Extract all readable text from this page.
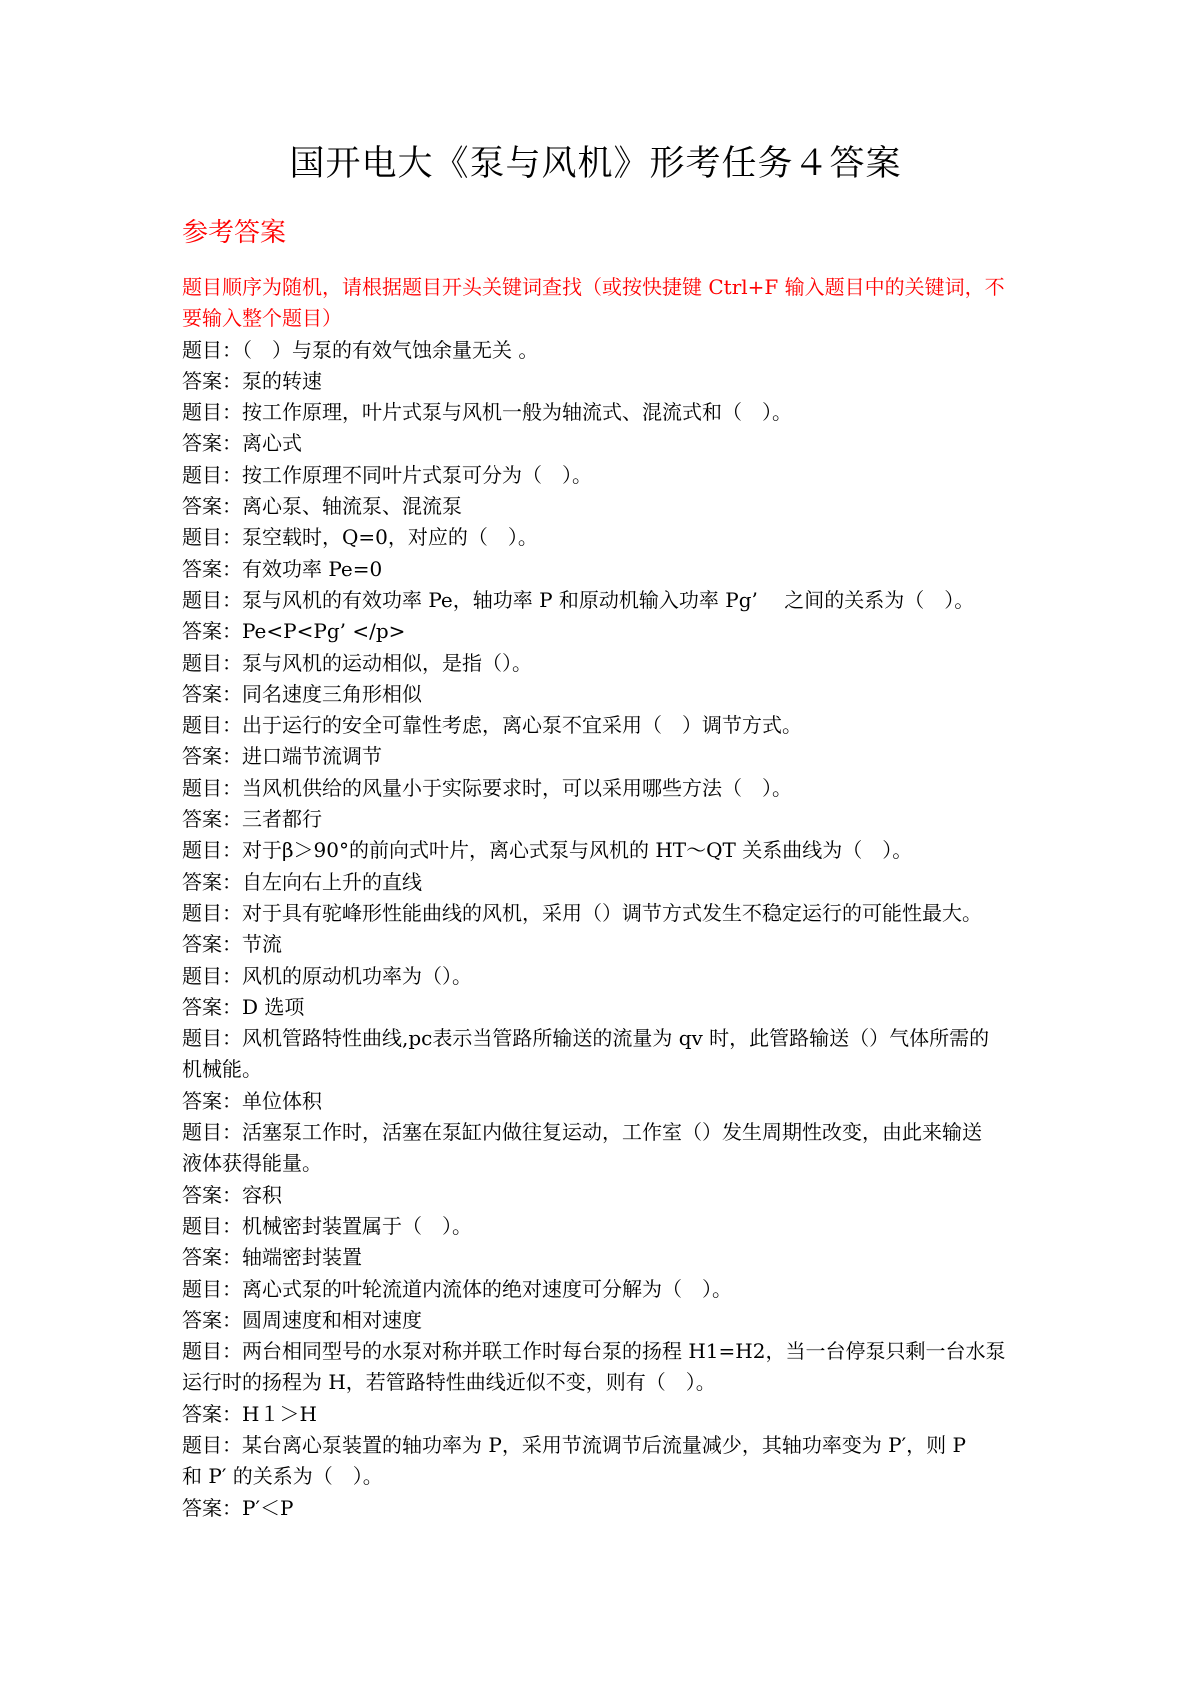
国开电大《泵与风机》形考任务４答案
参考答案
题目顺序为随机，请根据题目开头关键词查找（或按快捷键 Ctrl+F 输入题目中的关键词，不
要输入整个题目）
题目：（　）与泵的有效气蚀余量无关 。
答案：泵的转速
题目：按工作原理，叶片式泵与风机一般为轴流式、混流式和（　）。
答案：离心式
题目：按工作原理不同叶片式泵可分为（　）。
答案：离心泵、轴流泵、混流泵
题目：泵空载时，Q=0，对应的（　）。
答案：有效功率 Pe=0
题目：泵与风机的有效功率 Pe，轴功率 P 和原动机输入功率 Pg’　 之间的关系为（　）。
答案：Pe<P<Pg’ </p>
题目：泵与风机的运动相似，是指（）。
答案：同名速度三角形相似
题目：出于运行的安全可靠性考虑，离心泵不宜采用（　）调节方式。
答案：进口端节流调节
题目：当风机供给的风量小于实际要求时，可以采用哪些方法（　）。
答案：三者都行
题目：对于β＞90°的前向式叶片，离心式泵与风机的 HT～QT 关系曲线为（　）。
答案：自左向右上升的直线
题目：对于具有驼峰形性能曲线的风机，采用（）调节方式发生不稳定运行的可能性最大。
答案：节流
题目：风机的原动机功率为（）。
答案：D 选项
题目：风机管路特性曲线,pc表示当管路所输送的流量为 qv 时，此管路输送（）气体所需的
机械能。
答案：单位体积
题目：活塞泵工作时，活塞在泵缸内做往复运动，工作室（）发生周期性改变，由此来输送
液体获得能量。
答案：容积
题目：机械密封装置属于（　）。
答案：轴端密封装置
题目：离心式泵的叶轮流道内流体的绝对速度可分解为（　）。
答案：圆周速度和相对速度
题目：两台相同型号的水泵对称并联工作时每台泵的扬程 H1=H2，当一台停泵只剩一台水泵
运行时的扬程为 H，若管路特性曲线近似不变，则有（　）。
答案：H１＞H
题目：某台离心泵装置的轴功率为 P，采用节流调节后流量减少，其轴功率变为 P′，则 P
和 P′ 的关系为（　）。
答案：P′＜P
